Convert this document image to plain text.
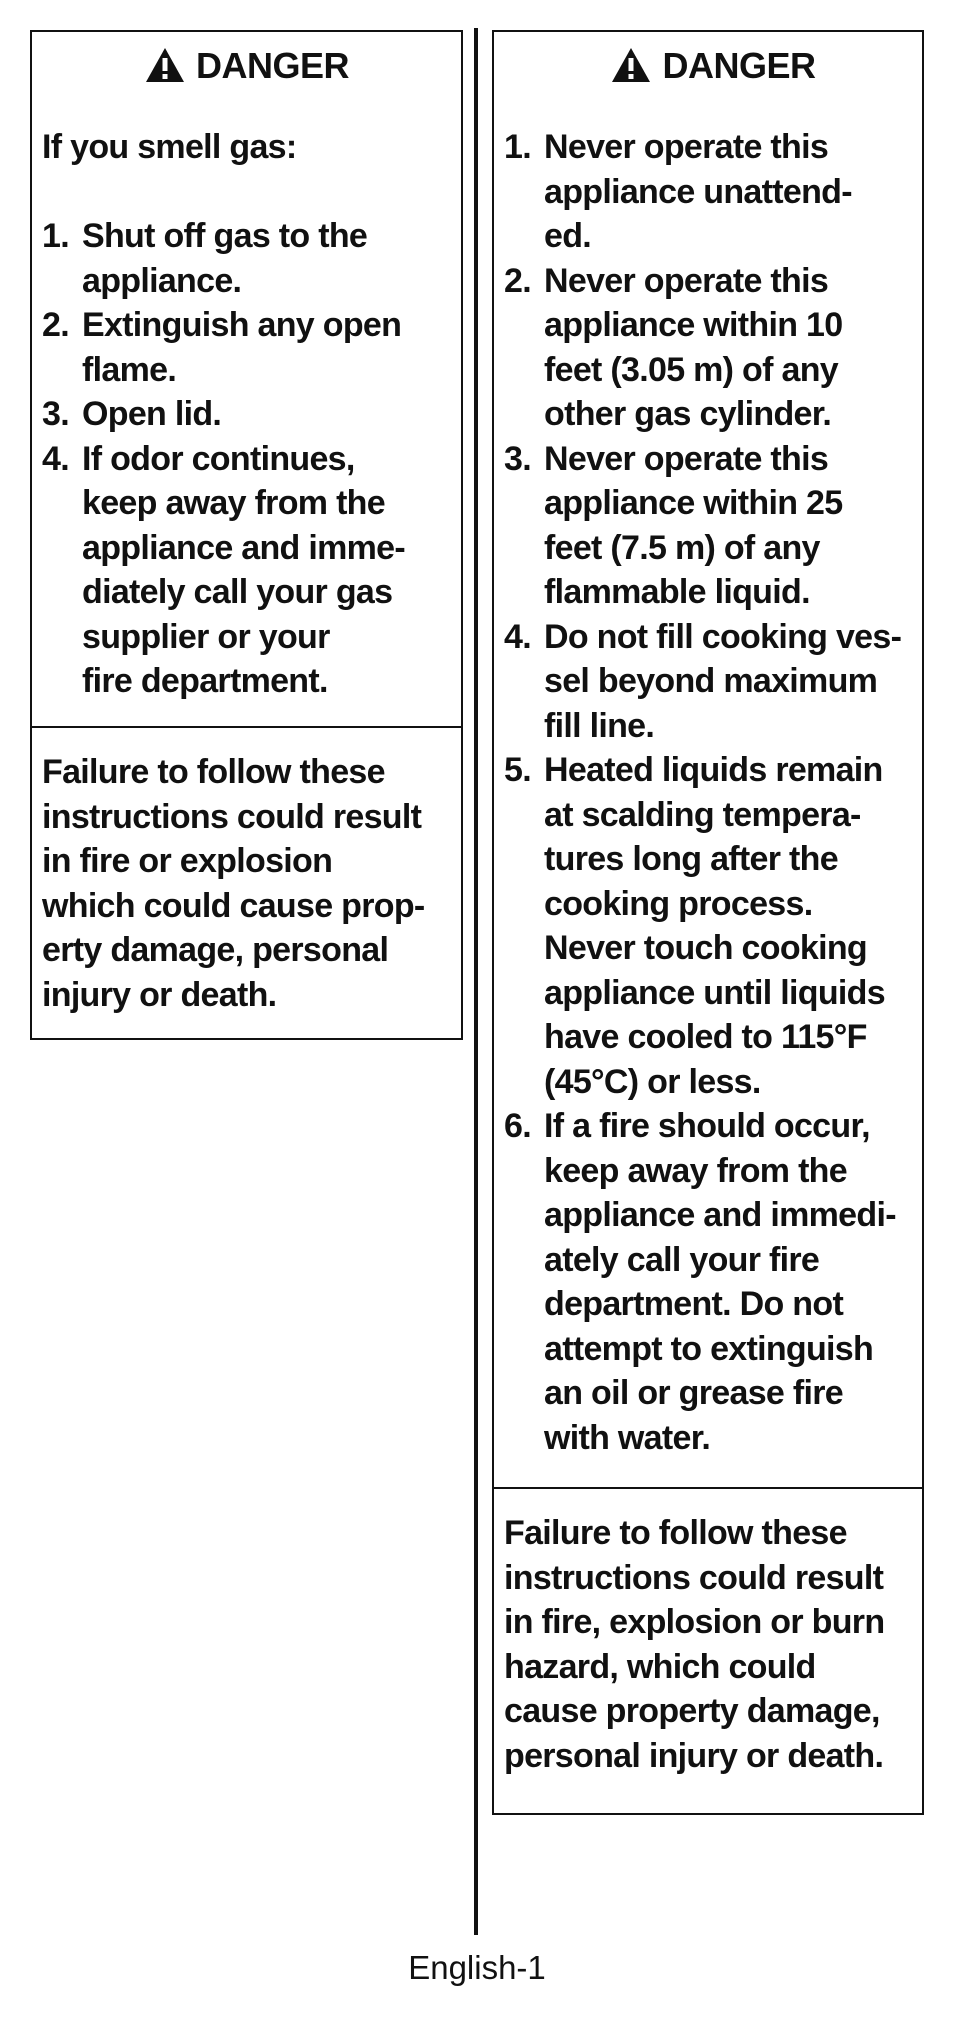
DANGER
If you smell gas:
1. Shut off gas to the
appliance.
2. Extinguish any open
flame.
3. Open lid.
4. If odor continues,
keep away from the
appliance and imme-
diately call your gas
supplier or your
fire department.
Failure to follow these
instructions could result
in fire or explosion
which could cause prop-
erty damage, personal
injury or death.
DANGER
1. Never operate this
appliance unattend-
ed.
2. Never operate this
appliance within 10
feet (3.05 m) of any
other gas cylinder.
3. Never operate this
appliance within 25
feet (7.5 m) of any
flammable liquid.
4. Do not fill cooking ves-
sel beyond maximum
fill line.
5. Heated liquids remain
at scalding tempera-
tures long after the
cooking process.
Never touch cooking
appliance until liquids
have cooled to 115°F
(45°C) or less.
6. If a fire should occur,
keep away from the
appliance and immedi-
ately call your fire
department. Do not
attempt to extinguish
an oil or grease fire
with water.
Failure to follow these
instructions could result
in fire, explosion or burn
hazard, which could
cause property damage,
personal injury or death.
English-1
